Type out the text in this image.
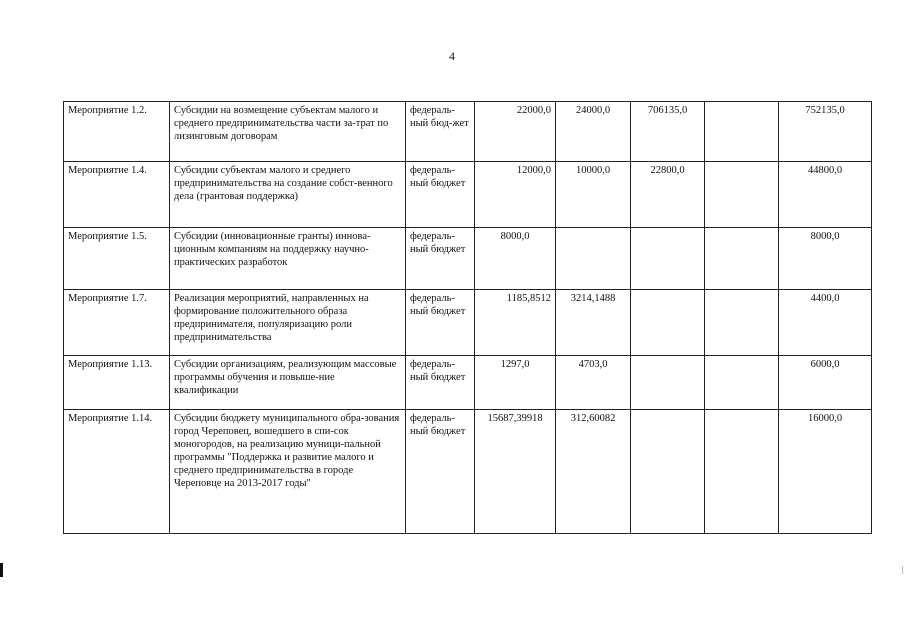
4
Мероприятие 1.2.	Субсидии на возмещение субъектам малого и среднего предпринимательства части за-трат по лизинговым договорам	федераль-ный бюд-жет	22000,0	24000,0	706135,0		752135,0
Мероприятие 1.4.	Субсидии субъектам малого и среднего предпринимательства на создание собст-венного дела (грантовая поддержка)	федераль-ный бюджет	12000,0	10000,0	22800,0		44800,0
Мероприятие 1.5.	Субсидии (инновационные гранты) иннова-ционным компаниям на поддержку научно-практических разработок	федераль-ный бюджет	8000,0				8000,0
Мероприятие 1.7.	Реализация мероприятий, направленных на формирование положительного образа предпринимателя, популяризацию роли предпринимательства	федераль-ный бюджет	1185,8512	3214,1488			4400,0
Мероприятие 1.13.	Субсидии организациям, реализующим массовые программы обучения и повыше-ние квалификации	федераль-ный бюджет	1297,0	4703,0			6000,0
Мероприятие 1.14.	Субсидии бюджету муниципального обра-зования город Череповец, вошедшего в спи-сок моногородов, на реализацию муници-пальной программы "Поддержка и развитие малого и среднего предпринимательства в городе Череповце на 2013-2017 годы"	федераль-ный бюджет	15687,39918	312,60082			16000,0
